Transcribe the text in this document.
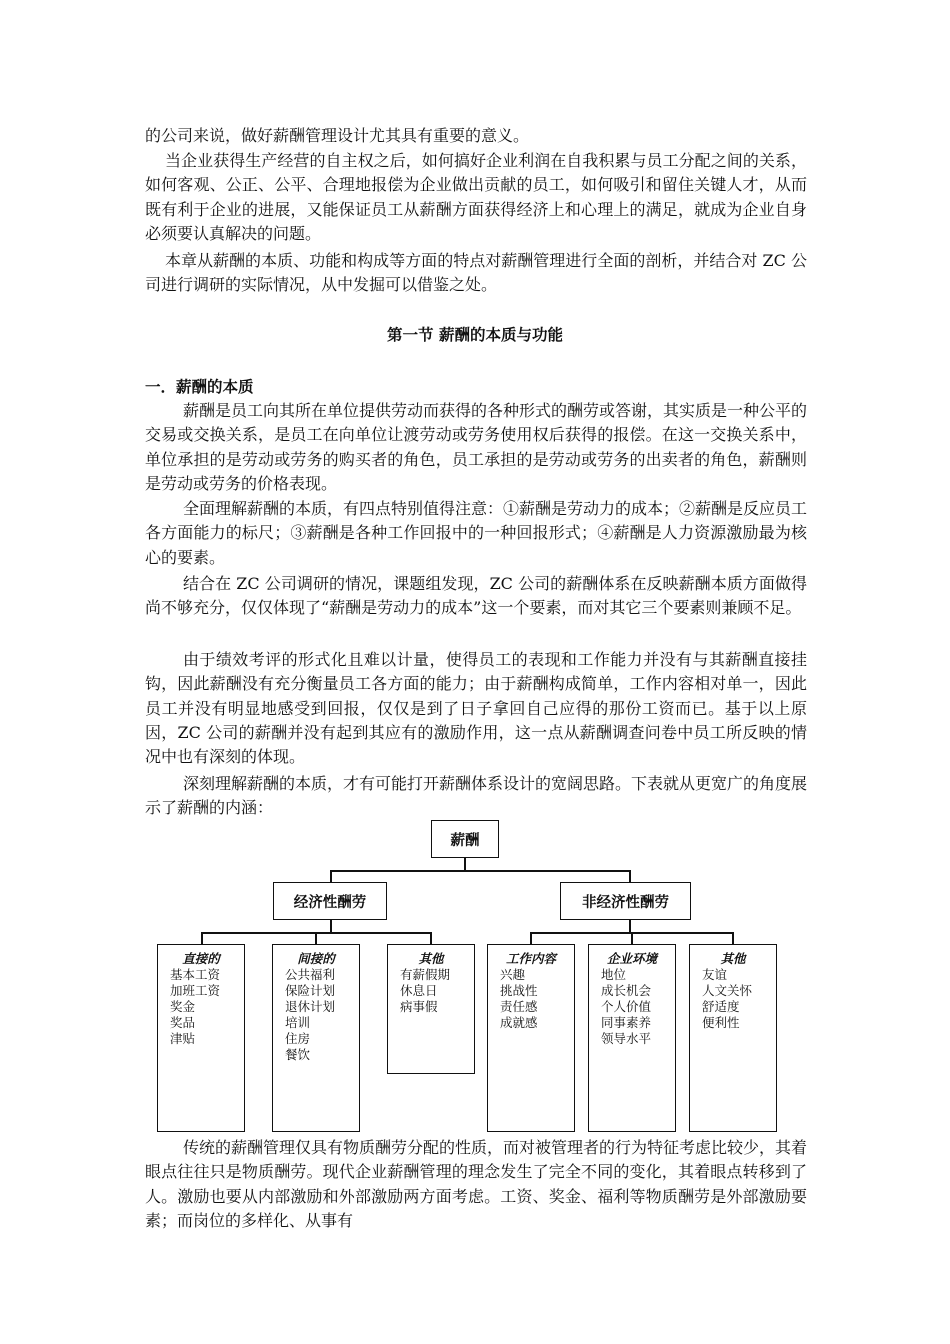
的公司来说，做好薪酬管理设计尤其具有重要的意义。

当企业获得生产经营的自主权之后，如何搞好企业利润在自我积累与员工分配之间的关系，如何客观、公正、公平、合理地报偿为企业做出贡献的员工，如何吸引和留住关键人才，从而既有利于企业的进展，又能保证员工从薪酬方面获得经济上和心理上的满足，就成为企业自身必须要认真解决的问题。

本章从薪酬的本质、功能和构成等方面的特点对薪酬管理进行全面的剖析，并结合对 ZC 公司进行调研的实际情况，从中发掘可以借鉴之处。

第一节 薪酬的本质与功能
一．薪酬的本质

薪酬是员工向其所在单位提供劳动而获得的各种形式的酬劳或答谢，其实质是一种公平的交易或交换关系，是员工在向单位让渡劳动或劳务使用权后获得的报偿。在这一交换关系中，单位承担的是劳动或劳务的购买者的角色，员工承担的是劳动或劳务的出卖者的角色，薪酬则是劳动或劳务的价格表现。

全面理解薪酬的本质，有四点特别值得注意：①薪酬是劳动力的成本；②薪酬是反应员工各方面能力的标尺；③薪酬是各种工作回报中的一种回报形式；④薪酬是人力资源激励最为核心的要素。

结合在 ZC 公司调研的情况，课题组发现，ZC 公司的薪酬体系在反映薪酬本质方面做得尚不够充分，仅仅体现了“薪酬是劳动力的成本”这一个要素，而对其它三个要素则兼顾不足。

由于绩效考评的形式化且难以计量，使得员工的表现和工作能力并没有与其薪酬直接挂钩，因此薪酬没有充分衡量员工各方面的能力；由于薪酬构成简单，工作内容相对单一，因此员工并没有明显地感受到回报，仅仅是到了日子拿回自己应得的那份工资而已。基于以上原因，ZC 公司的薪酬并没有起到其应有的激励作用，这一点从薪酬调查问卷中员工所反映的情况中也有深刻的体现。

深刻理解薪酬的本质，才有可能打开薪酬体系设计的宽阔思路。下表就从更宽广的角度展示了薪酬的内涵：

薪酬
经济性酬劳	非经济性酬劳
直接的
基本工资
加班工资
奖金
奖品
津贴
间接的
公共福利
保险计划
退休计划
培训
住房
餐饮
其他
有薪假期
休息日
病事假
工作内容
兴趣
挑战性
责任感
成就感
企业环境
地位
成长机会
个人价值
同事素养
领导水平
其他
友谊
人文关怀
舒适度
便利性

传统的薪酬管理仅具有物质酬劳分配的性质，而对被管理者的行为特征考虑比较少，其着眼点往往只是物质酬劳。现代企业薪酬管理的理念发生了完全不同的变化，其着眼点转移到了人。激励也要从内部激励和外部激励两方面考虑。工资、奖金、福利等物质酬劳是外部激励要素；而岗位的多样化、从事有
